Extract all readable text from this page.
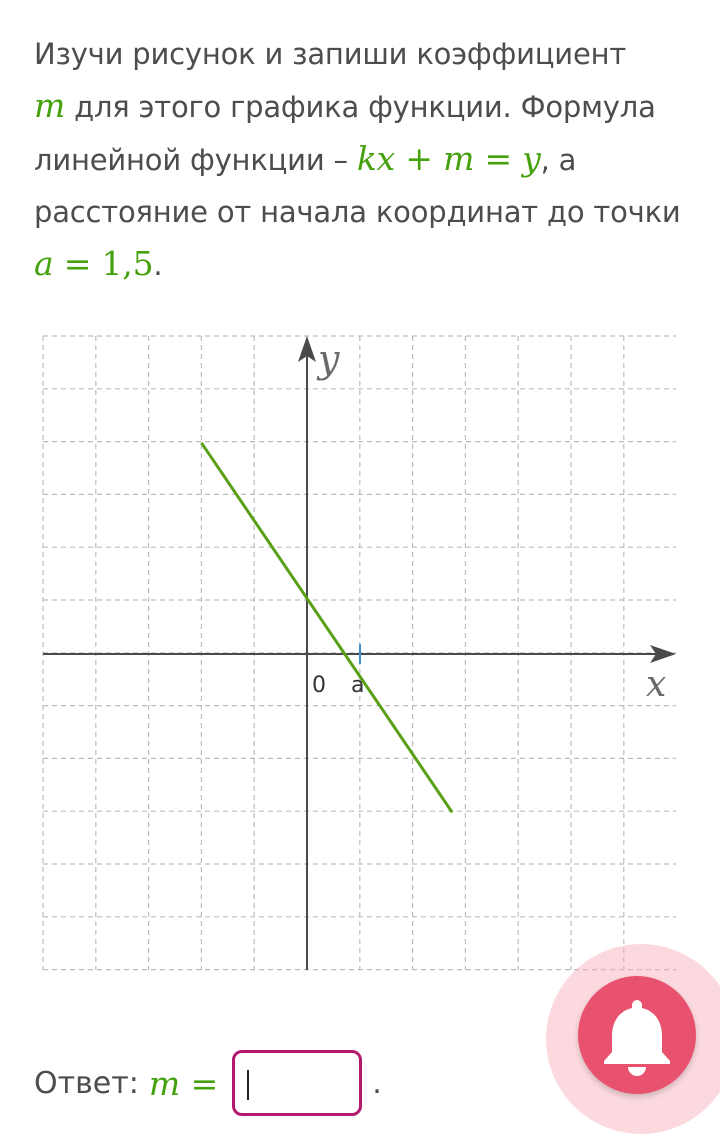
Изучи рисунок и запиши коэффициент
m для этого графика функции. Формула
линейной функции – kx + m = y, а
расстояние от начала координат до точки
a = 1,5.
y
x
0 a
Ответ: m =	.
